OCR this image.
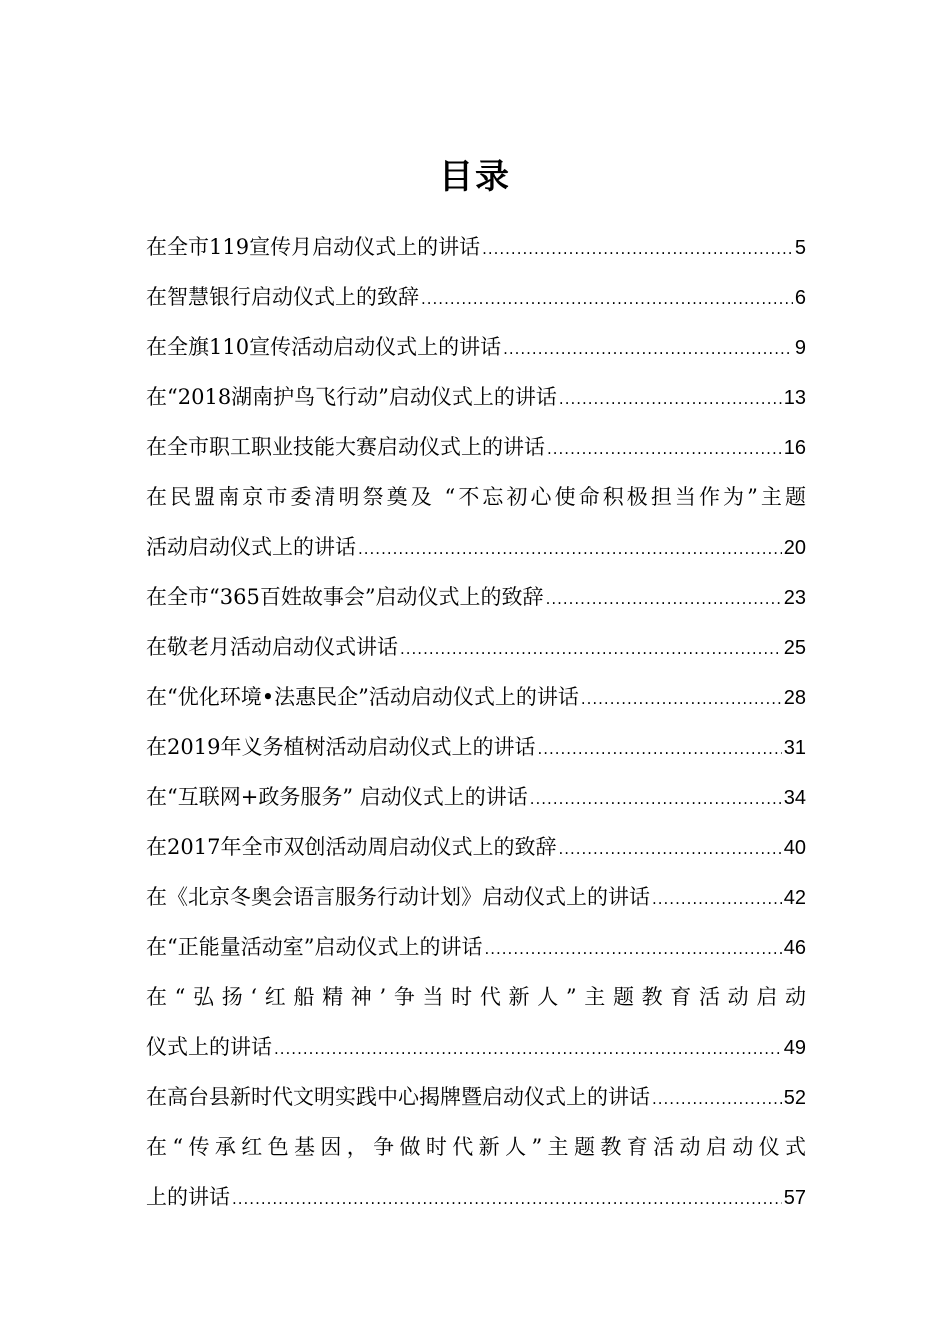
目录
在全市119宣传月启动仪式上的讲话 .....	5
在智慧银行启动仪式上的致辞 .....	6
在全旗110宣传活动启动仪式上的讲话 .....	9
在“2018湖南护鸟飞行动”启动仪式上的讲话 .....	13
在全市职工职业技能大赛启动仪式上的讲话 .....	16
在民盟南京市委清明祭奠及 “不忘初心使命积极担当作为”主题
活动启动仪式上的讲话 .....	20
在全市“365百姓故事会”启动仪式上的致辞 .....	23
在敬老月活动启动仪式讲话 .....	25
在“优化环境•法惠民企”活动启动仪式上的讲话 .....	28
在2019年义务植树活动启动仪式上的讲话 .....	31
在“互联网+政务服务” 启动仪式上的讲话 .....	34
在2017年全市双创活动周启动仪式上的致辞 .....	40
在《北京冬奥会语言服务行动计划》启动仪式上的讲话 .....	42
在“正能量活动室”启动仪式上的讲话 .....	46
在“弘扬‘红船精神’争当时代新人”主题教育活动启动
仪式上的讲话 .....	49
在高台县新时代文明实践中心揭牌暨启动仪式上的讲话 .....	52
在“传承红色基因，争做时代新人”主题教育活动启动仪式
上的讲话 .....	57
